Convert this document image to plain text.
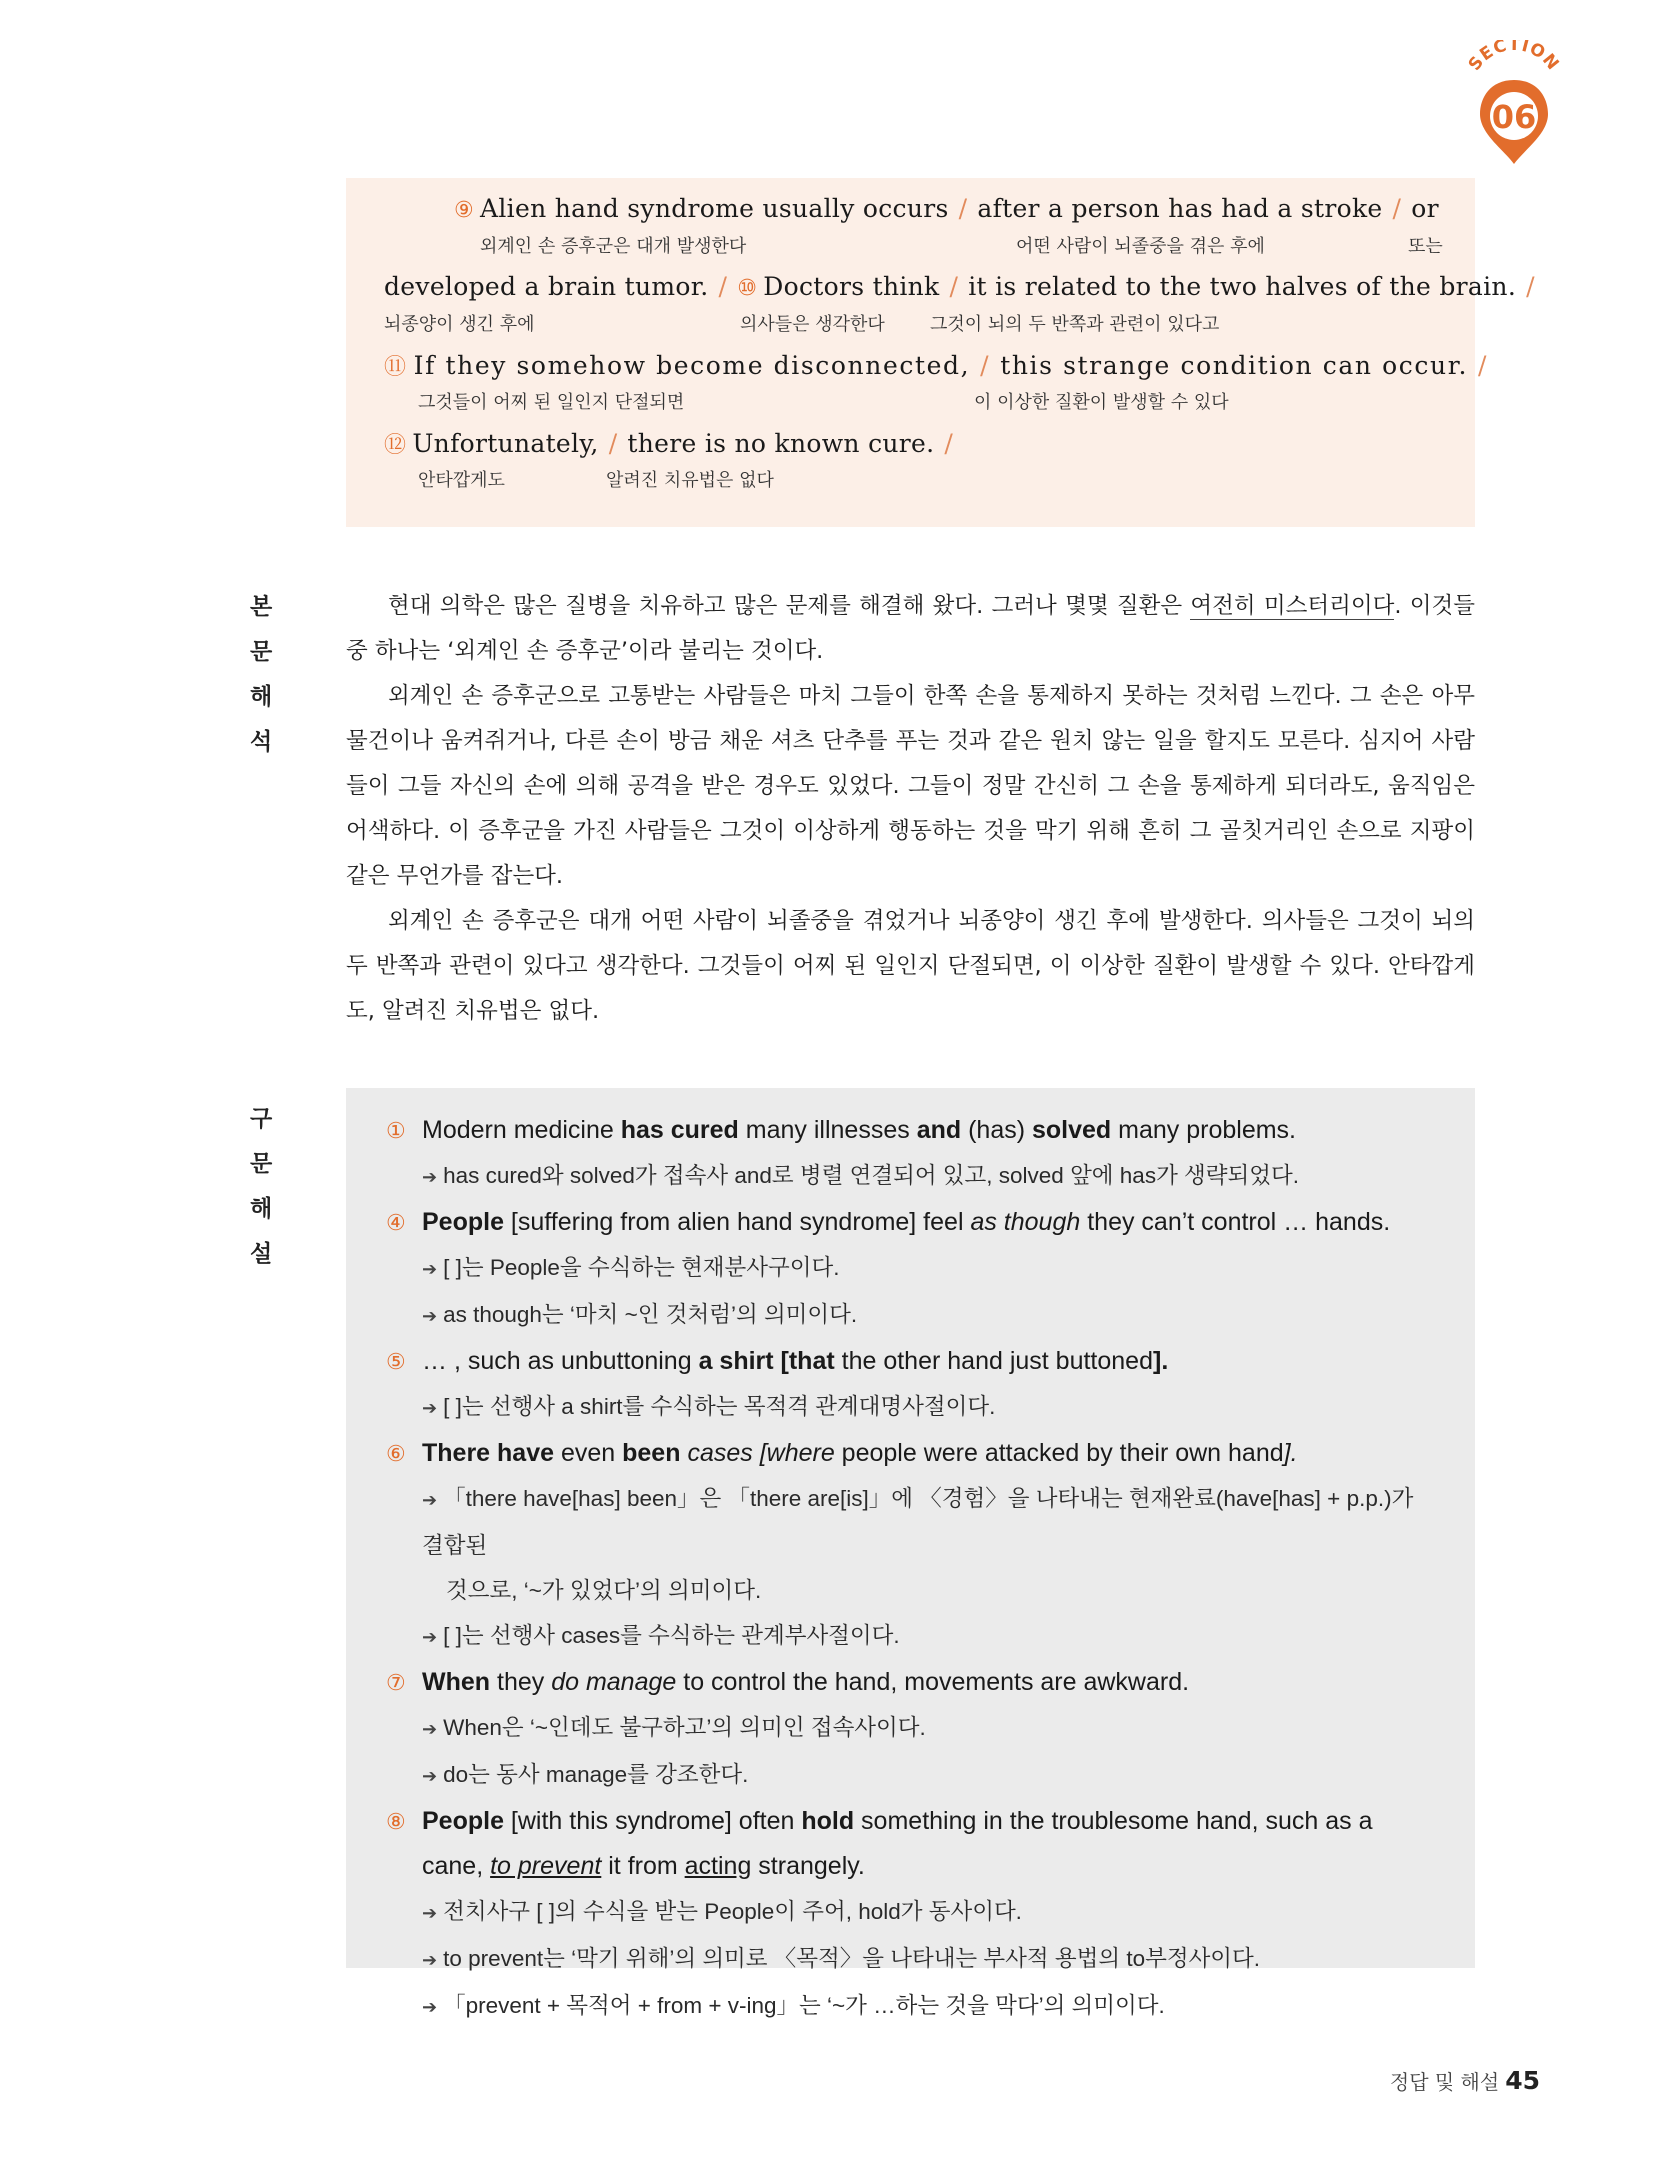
SECTION
06
⑨ Alien hand syndrome usually occurs / after a person has had a stroke / or
외계인 손 증후군은 대개 발생한다	어떤 사람이 뇌졸중을 겪은 후에	또는
developed a brain tumor. / ⑩ Doctors think / it is related to the two halves of the brain. /
뇌종양이 생긴 후에	의사들은 생각한다	그것이 뇌의 두 반쪽과 관련이 있다고
⑪ If they somehow become disconnected, / this strange condition can occur. /
그것들이 어찌 된 일인지 단절되면	이 이상한 질환이 발생할 수 있다
⑫ Unfortunately, / there is no known cure. /
안타깝게도	알려진 치유법은 없다
본 문
해 석

현대 의학은 많은 질병을 치유하고 많은 문제를 해결해 왔다. 그러나 몇몇 질환은 여전히 미스터리이다. 이것들 중 하나는 ‘외계인 손 증후군’이라 불리는 것이다.

외계인 손 증후군으로 고통받는 사람들은 마치 그들이 한쪽 손을 통제하지 못하는 것처럼 느낀다. 그 손은 아무 물건이나 움켜쥐거나, 다른 손이 방금 채운 셔츠 단추를 푸는 것과 같은 원치 않는 일을 할지도 모른다. 심지어 사람들이 그들 자신의 손에 의해 공격을 받은 경우도 있었다. 그들이 정말 간신히 그 손을 통제하게 되더라도, 움직임은 어색하다. 이 증후군을 가진 사람들은 그것이 이상하게 행동하는 것을 막기 위해 흔히 그 골칫거리인 손으로 지팡이 같은 무언가를 잡는다.

외계인 손 증후군은 대개 어떤 사람이 뇌졸중을 겪었거나 뇌종양이 생긴 후에 발생한다. 의사들은 그것이 뇌의 두 반쪽과 관련이 있다고 생각한다. 그것들이 어찌 된 일인지 단절되면, 이 이상한 질환이 발생할 수 있다. 안타깝게도, 알려진 치유법은 없다.

구 문
해 설
① Modern medicine has cured many illnesses and (has) solved many problems.
➔ has cured와 solved가 접속사 and로 병렬 연결되어 있고, solved 앞에 has가 생략되었다.
④ People [suffering from alien hand syndrome] feel as though they can’t control … hands.
➔ [ ]는 People을 수식하는 현재분사구이다.
➔ as though는 ‘마치 ~인 것처럼’의 의미이다.
⑤ … , such as unbuttoning a shirt [that the other hand just buttoned].
➔ [ ]는 선행사 a shirt를 수식하는 목적격 관계대명사절이다.
⑥ There have even been cases [where people were attacked by their own hand].
➔ 「there have[has] been」은 「there are[is]」에 〈경험〉을 나타내는 현재완료(have[has] + p.p.)가 결합된
것으로, ‘~가 있었다’의 의미이다.
➔ [ ]는 선행사 cases를 수식하는 관계부사절이다.
⑦ When they do manage to control the hand, movements are awkward.
➔ When은 ‘~인데도 불구하고’의 의미인 접속사이다.
➔ do는 동사 manage를 강조한다.
⑧ People [with this syndrome] often hold something in the troublesome hand, such as a
cane, to prevent it from acting strangely.
➔ 전치사구 [ ]의 수식을 받는 People이 주어, hold가 동사이다.
➔ to prevent는 ‘막기 위해’의 의미로 〈목적〉을 나타내는 부사적 용법의 to부정사이다.
➔ 「prevent + 목적어 + from + v-ing」는 ‘~가 …하는 것을 막다’의 의미이다.
정답 및 해설 45
